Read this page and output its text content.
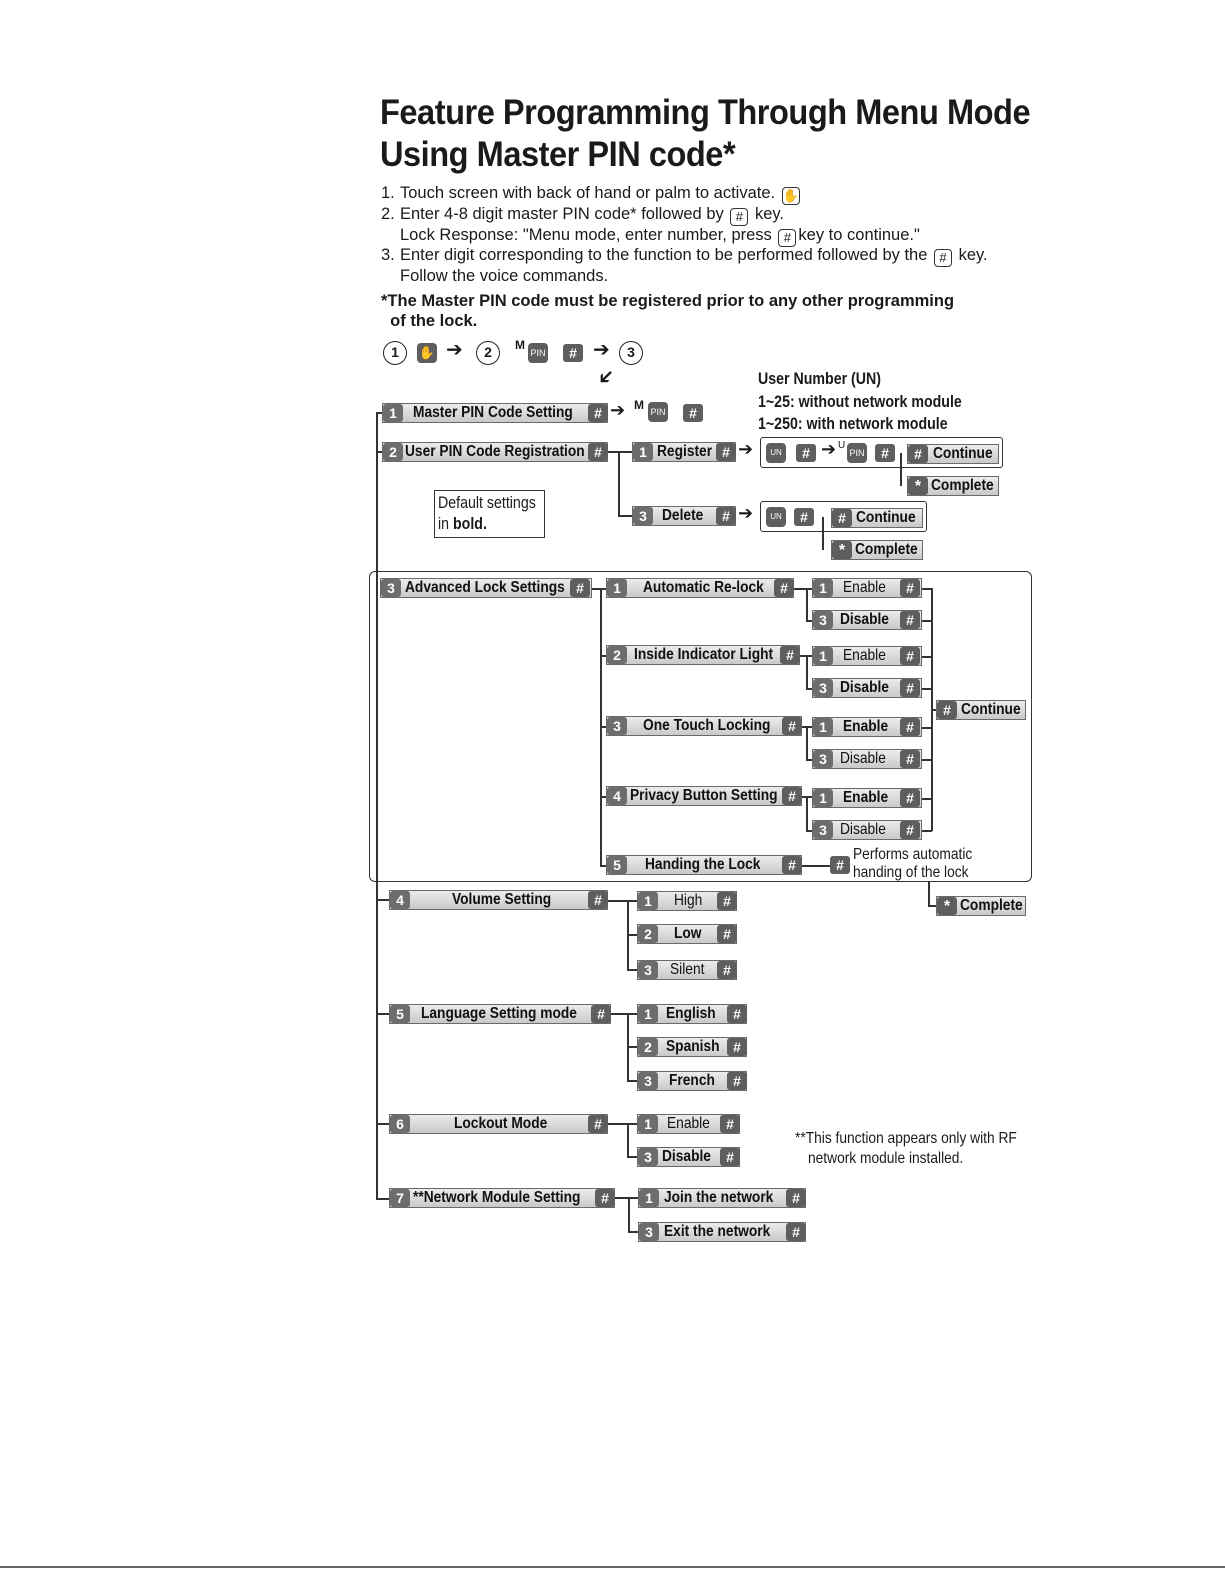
Feature Programming Through Menu Mode
Using Master PIN code*
1. Touch screen with back of hand or palm to activate. ✋
2. Enter 4-8 digit master PIN code* followed by # key.
Lock Response: "Menu mode, enter number, press # key to continue."
3. Enter digit corresponding to the function to be performed followed by the # key.
Follow the voice commands.
*The Master PIN code must be registered prior to any other programming
of the lock.
1	✋ ➔	2	M
PIN	# ➔	3
➔	User Number (UN)
1~25: without network module
1~250: with network module
1	Master PIN Code Setting	# ➔ M PIN	#
2 User PIN Code Registration #	1 Register # ➔	UN	# ➔ U
PIN	#	# Continue
* Complete
3 Delete	# ➔	UN	#	# Continue
* Complete
Default settings
in bold.
3 Advanced Lock Settings #	1	Automatic Re-lock	#
2 Inside Indicator Light #
3	One Touch Locking	#
4 Privacy Button Setting #
5	Handing the Lock	#	#
Performs automatic
handing of the lock
1	Enable	#
3 Disable	#
1	Enable	#
3 Disable	#
1	Enable	#
3 Disable	#
1	Enable	#
3 Disable	#
# Continue
* Complete
4	Volume Setting	#	1	High	#
2	Low	#
3	Silent	#
5	Language Setting mode	#	1 English	#
2 Spanish #
3	French	#
6	Lockout Mode	#	1 Enable	#
3 Disable	#
**This function appears only with RF
network module installed.
7 **Network Module Setting	#	1 Join the network	#
3 Exit the network	#
